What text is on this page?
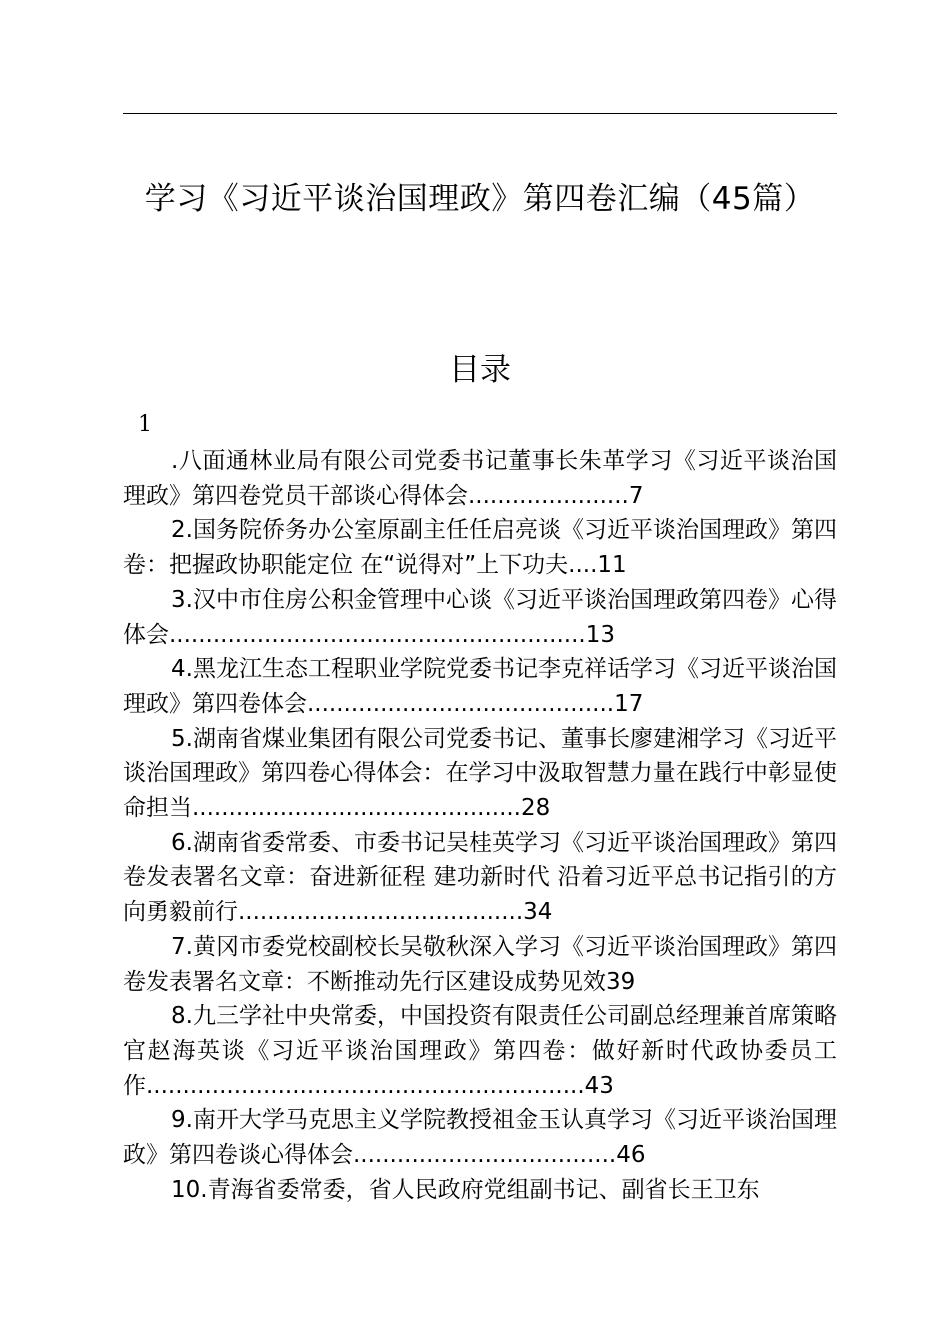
学习《习近平谈治国理政》第四卷汇编（45篇）
目录
1
.八面通林业局有限公司党委书记董事长朱革学习《习近平谈治国理政》第四卷党员干部谈心得体会......................7
2.国务院侨务办公室原副主任任启亮谈《习近平谈治国理政》第四卷：把握政协职能定位 在“说得对”上下功夫....11
3.汉中市住房公积金管理中心谈《习近平谈治国理政第四卷》心得体会.........................................................13
4.黑龙江生态工程职业学院党委书记李克祥话学习《习近平谈治国理政》第四卷体会..........................................17
5.湖南省煤业集团有限公司党委书记、董事长廖建湘学习《习近平谈治国理政》第四卷心得体会：在学习中汲取智慧力量在践行中彰显使命担当.............................................28
6.湖南省委常委、市委书记吴桂英学习《习近平谈治国理政》第四卷发表署名文章：奋进新征程 建功新时代 沿着习近平总书记指引的方向勇毅前行.......................................34
7.黄冈市委党校副校长吴敬秋深入学习《习近平谈治国理政》第四卷发表署名文章：不断推动先行区建设成势见效39
8.九三学社中央常委，中国投资有限责任公司副总经理兼首席策略官赵海英谈《习近平谈治国理政》第四卷：做好新时代政协委员工作............................................................43
9.南开大学马克思主义学院教授祖金玉认真学习《习近平谈治国理政》第四卷谈心得体会....................................46
10.青海省委常委，省人民政府党组副书记、副省长王卫东
